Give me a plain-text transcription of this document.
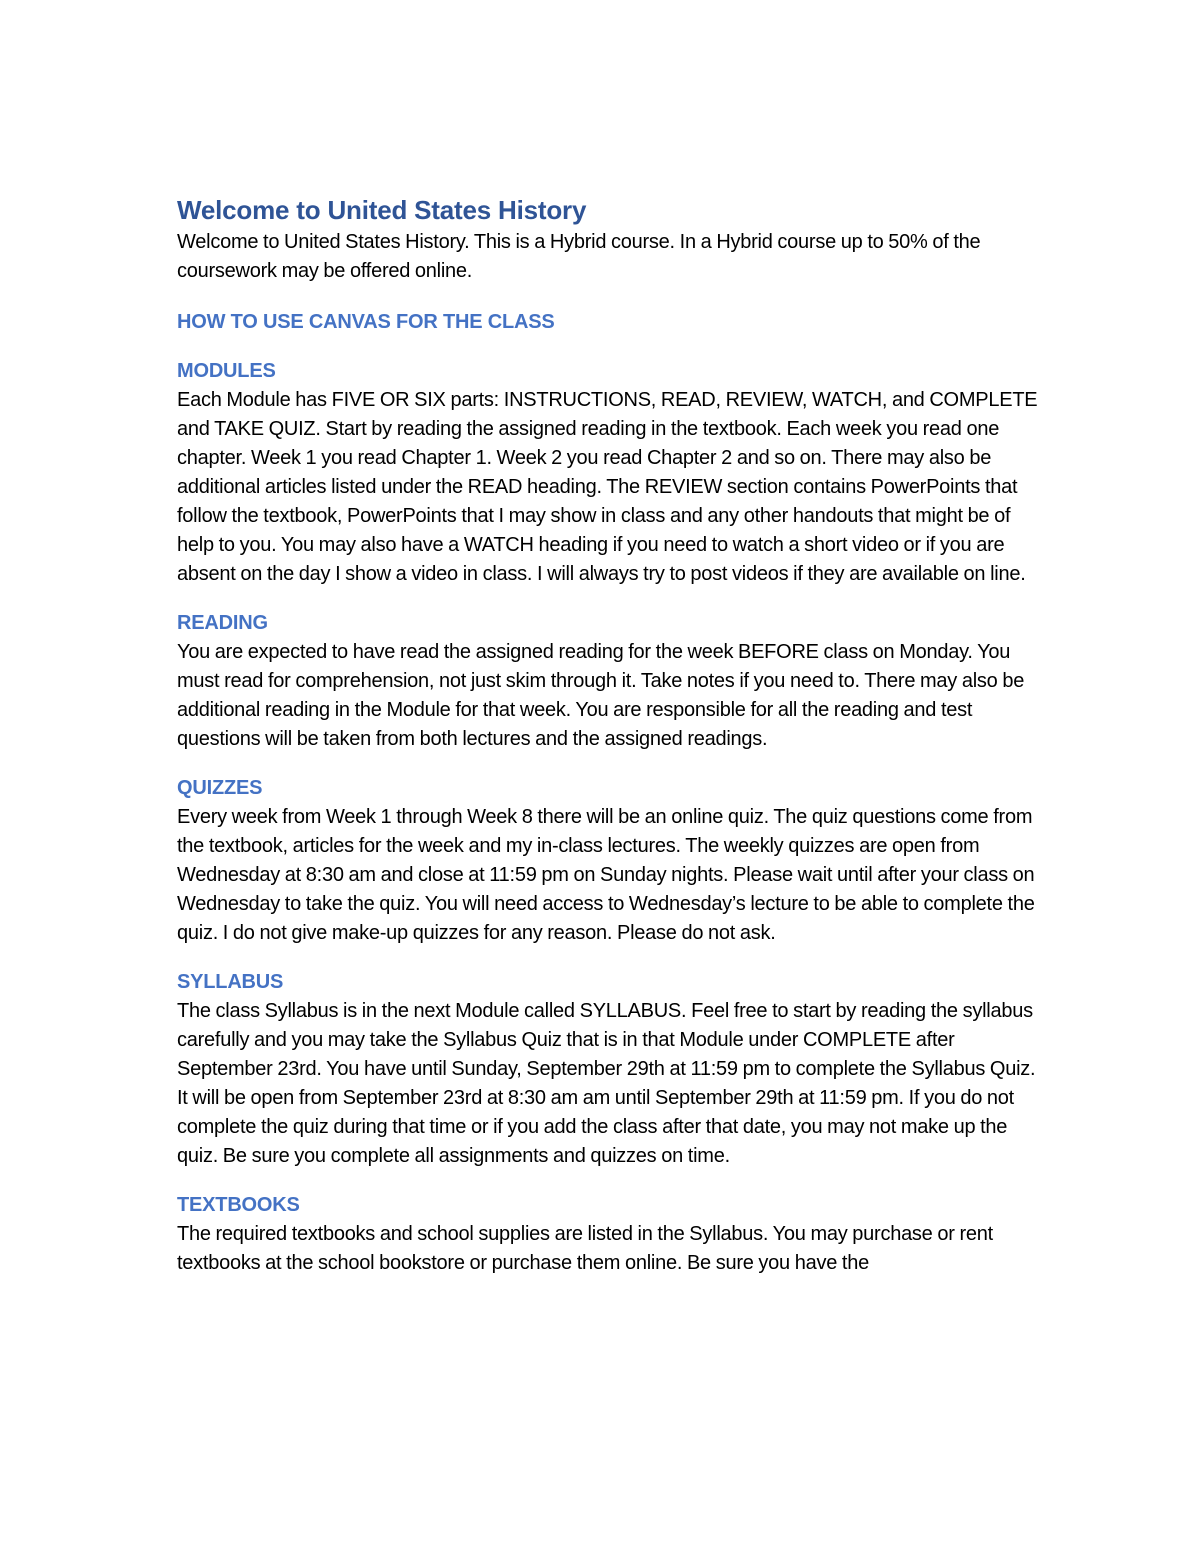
Welcome to United States History

Welcome to United States History. This is a Hybrid course. In a Hybrid course up to 50% of the coursework may be offered online.

HOW TO USE CANVAS FOR THE CLASS
MODULES

Each Module has FIVE OR SIX parts: INSTRUCTIONS, READ, REVIEW, WATCH, and COMPLETE and TAKE QUIZ. Start by reading the assigned reading in the textbook. Each week you read one chapter. Week 1 you read Chapter 1. Week 2 you read Chapter 2 and so on. There may also be additional articles listed under the READ heading. The REVIEW section contains PowerPoints that follow the textbook, PowerPoints that I may show in class and any other handouts that might be of help to you. You may also have a WATCH heading if you need to watch a short video or if you are absent on the day I show a video in class. I will always try to post videos if they are available on line.

READING

You are expected to have read the assigned reading for the week BEFORE class on Monday. You must read for comprehension, not just skim through it. Take notes if you need to. There may also be additional reading in the Module for that week. You are responsible for all the reading and test questions will be taken from both lectures and the assigned readings.

QUIZZES

Every week from Week 1 through Week 8 there will be an online quiz. The quiz questions come from the textbook, articles for the week and my in-class lectures. The weekly quizzes are open from Wednesday at 8:30 am and close at 11:59 pm on Sunday nights. Please wait until after your class on Wednesday to take the quiz. You will need access to Wednesday’s lecture to be able to complete the quiz. I do not give make-up quizzes for any reason. Please do not ask.

SYLLABUS

The class Syllabus is in the next Module called SYLLABUS. Feel free to start by reading the syllabus carefully and you may take the Syllabus Quiz that is in that Module under COMPLETE after September 23rd. You have until Sunday, September 29th at 11:59 pm to complete the Syllabus Quiz. It will be open from September 23rd at 8:30 am am until September 29th at 11:59 pm. If you do not complete the quiz during that time or if you add the class after that date, you may not make up the quiz. Be sure you complete all assignments and quizzes on time.

TEXTBOOKS

The required textbooks and school supplies are listed in the Syllabus. You may purchase or rent textbooks at the school bookstore or purchase them online. Be sure you have the
